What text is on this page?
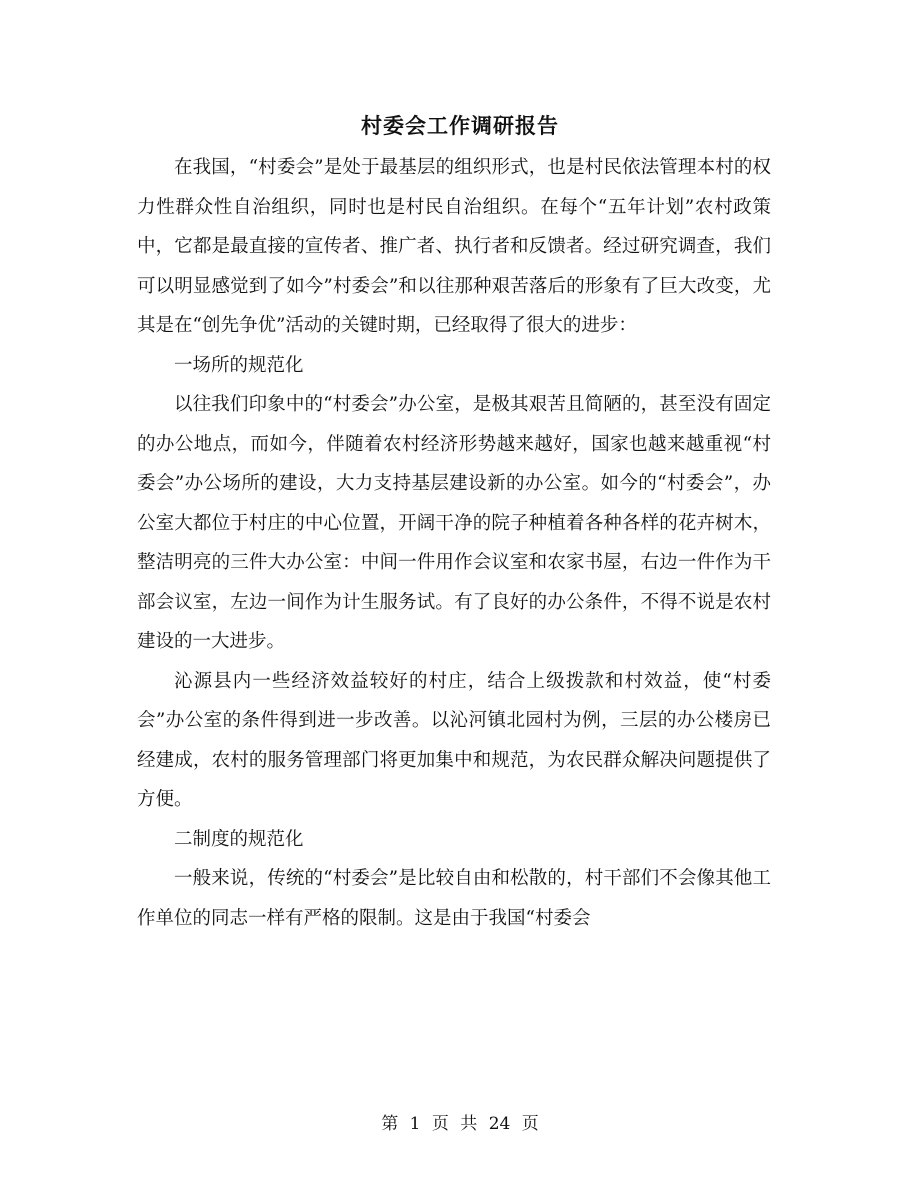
村委会工作调研报告

在我国，“村委会”是处于最基层的组织形式，也是村民依法管理本村的权力性群众性自治组织，同时也是村民自治组织。在每个“五年计划”农村政策中，它都是最直接的宣传者、推广者、执行者和反馈者。经过研究调查，我们可以明显感觉到了如今”村委会”和以往那种艰苦落后的形象有了巨大改变，尤其是在“创先争优”活动的关键时期，已经取得了很大的进步：

一场所的规范化

以往我们印象中的“村委会”办公室，是极其艰苦且简陋的，甚至没有固定的办公地点，而如今，伴随着农村经济形势越来越好，国家也越来越重视“村委会”办公场所的建设，大力支持基层建设新的办公室。如今的“村委会”，办公室大都位于村庄的中心位置，开阔干净的院子种植着各种各样的花卉树木，整洁明亮的三件大办公室：中间一件用作会议室和农家书屋，右边一件作为干部会议室，左边一间作为计生服务试。有了良好的办公条件，不得不说是农村建设的一大进步。

沁源县内一些经济效益较好的村庄，结合上级拨款和村效益，使“村委会”办公室的条件得到进一步改善。以沁河镇北园村为例，三层的办公楼房已经建成，农村的服务管理部门将更加集中和规范，为农民群众解决问题提供了方便。

二制度的规范化

一般来说，传统的“村委会”是比较自由和松散的，村干部们不会像其他工作单位的同志一样有严格的限制。这是由于我国“村委会

第 1 页 共 24 页
